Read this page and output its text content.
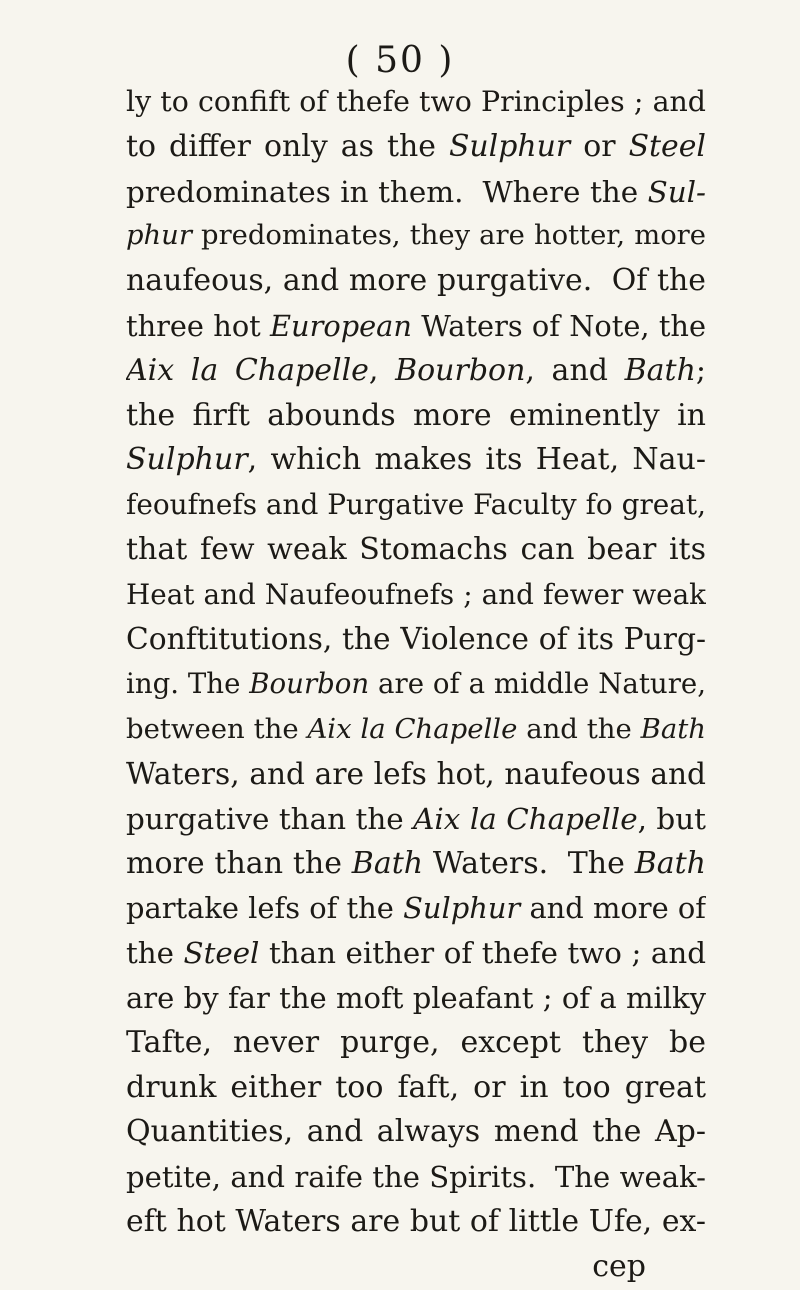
( 50 )
ly to confift of thefe two Principles ; and
to differ only as the Sulphur or Steel
predominates in them.  Where the Sul-
phur predominates, they are hotter, more
naufeous, and more purgative.  Of the
three hot European Waters of Note, the
Aix la Chapelle, Bourbon, and Bath;
the firft abounds more eminently in
Sulphur, which makes its Heat, Nau-
feoufnefs and Purgative Faculty fo great,
that few weak Stomachs can bear its
Heat and Naufeoufnefs ; and fewer weak
Conftitutions, the Violence of its Purg-
ing. The Bourbon are of a middle Nature,
between the Aix la Chapelle and the Bath
Waters, and are lefs hot, naufeous and
purgative than the Aix la Chapelle, but
more than the Bath Waters.  The Bath
partake lefs of the Sulphur and more of
the Steel than either of thefe two ; and
are by far the moft pleafant ; of a milky
Tafte, never purge, except they be
drunk either too faft, or in too great
Quantities, and always mend the Ap-
petite, and raife the Spirits.  The weak-
eft hot Waters are but of little Ufe, ex-
cep
